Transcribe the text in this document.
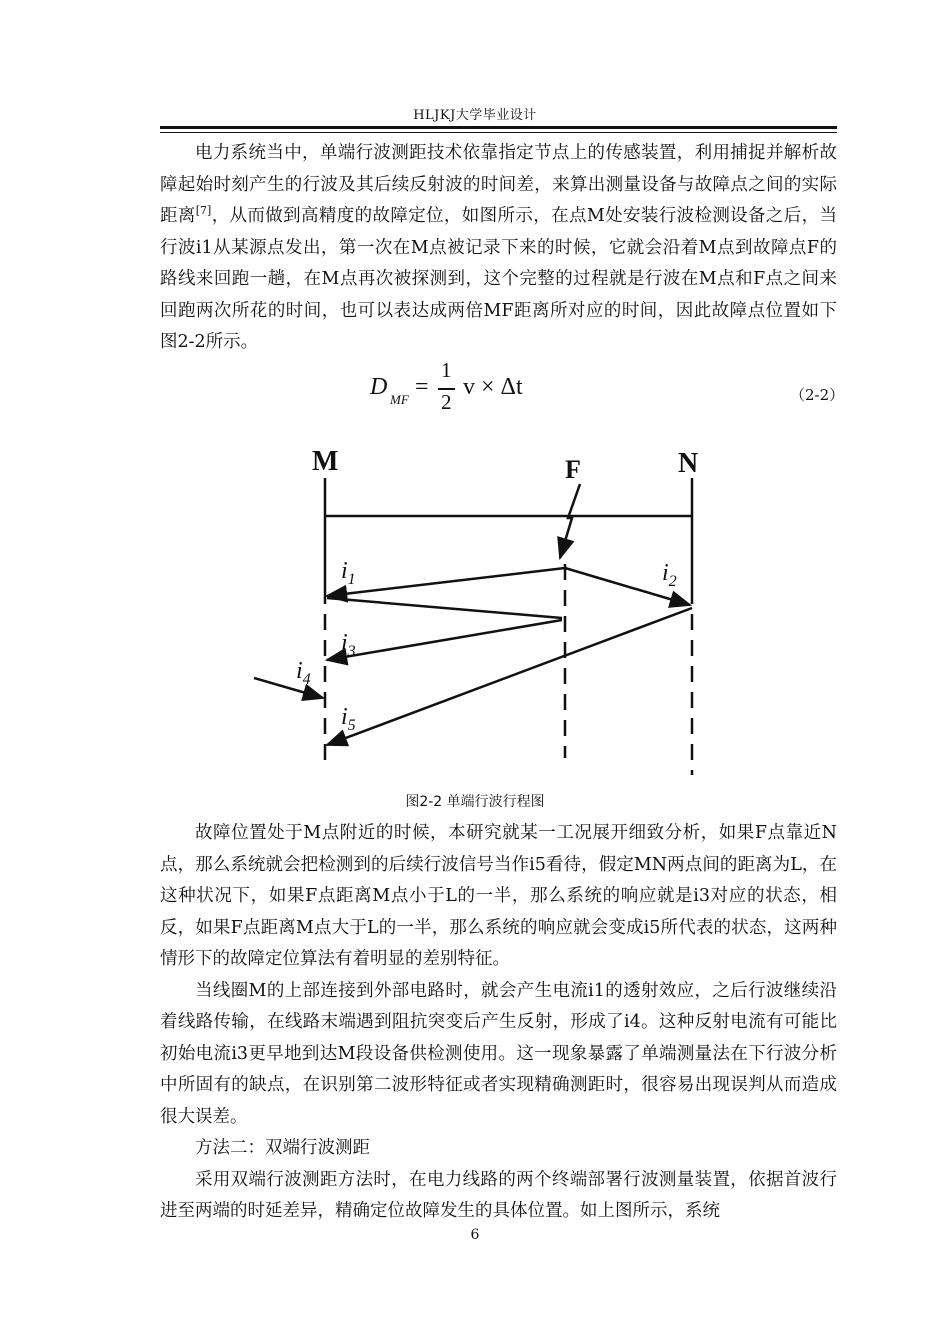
HLJKJ大学毕业设计

电力系统当中，单端行波测距技术依靠指定节点上的传感装置，利用捕捉并解析故障起始时刻产生的行波及其后续反射波的时间差，来算出测量设备与故障点之间的实际距离[7]，从而做到高精度的故障定位，如图所示，在点M处安装行波检测设备之后，当行波i1从某源点发出，第一次在M点被记录下来的时候，它就会沿着M点到故障点F的路线来回跑一趟，在M点再次被探测到，这个完整的过程就是行波在M点和F点之间来回跑两次所花的时间，也可以表达成两倍MF距离所对应的时间，因此故障点位置如下图2-2所示。

D MF =
1
2
v × Δt	（2-2）
M	F	N
$i_1$	$i_2$
$i_3$
$i_4$
$i_5$
图2-2 单端行波行程图

故障位置处于M点附近的时候，本研究就某一工况展开细致分析，如果F点靠近N点，那么系统就会把检测到的后续行波信号当作i5看待，假定MN两点间的距离为L，在这种状况下，如果F点距离M点小于L的一半，那么系统的响应就是i3对应的状态，相反，如果F点距离M点大于L的一半，那么系统的响应就会变成i5所代表的状态，这两种情形下的故障定位算法有着明显的差别特征。

当线圈M的上部连接到外部电路时，就会产生电流i1的透射效应，之后行波继续沿着线路传输，在线路末端遇到阻抗突变后产生反射，形成了i4。这种反射电流有可能比初始电流i3更早地到达M段设备供检测使用。这一现象暴露了单端测量法在下行波分析中所固有的缺点，在识别第二波形特征或者实现精确测距时，很容易出现误判从而造成很大误差。

方法二：双端行波测距

采用双端行波测距方法时，在电力线路的两个终端部署行波测量装置，依据首波行进至两端的时延差异，精确定位故障发生的具体位置。如上图所示，系统

6
